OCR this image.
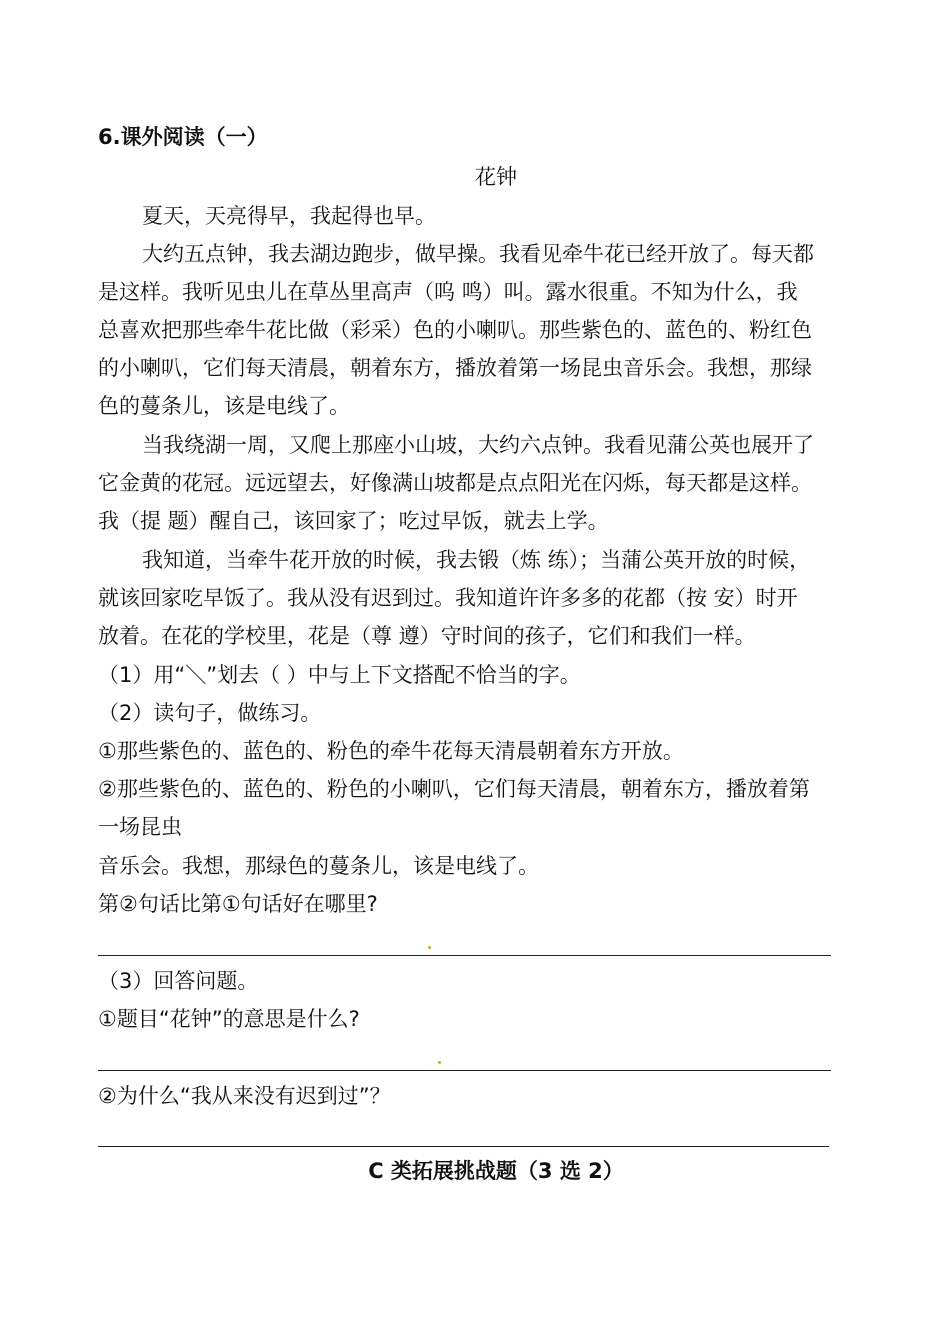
6.课外阅读（一）
花钟
夏天，天亮得早，我起得也早。
大约五点钟，我去湖边跑步，做早操。我看见牵牛花已经开放了。每天都
是这样。我听见虫儿在草丛里高声（呜 鸣）叫。露水很重。不知为什么，我
总喜欢把那些牵牛花比做（彩采）色的小喇叭。那些紫色的、蓝色的、粉红色
的小喇叭，它们每天清晨，朝着东方，播放着第一场昆虫音乐会。我想，那绿
色的蔓条儿，该是电线了。
当我绕湖一周，又爬上那座小山坡，大约六点钟。我看见蒲公英也展开了
它金黄的花冠。远远望去，好像满山坡都是点点阳光在闪烁，每天都是这样。
我（提 题）醒自己，该回家了；吃过早饭，就去上学。
我知道，当牵牛花开放的时候，我去锻（炼 练）；当蒲公英开放的时候，
就该回家吃早饭了。我从没有迟到过。我知道许许多多的花都（按 安）时开
放着。在花的学校里，花是（尊 遵）守时间的孩子，它们和我们一样。
（1）用“＼”划去（ ）中与上下文搭配不恰当的字。
（2）读句子，做练习。
①那些紫色的、蓝色的、粉色的牵牛花每天清晨朝着东方开放。
②那些紫色的、蓝色的、粉色的小喇叭，它们每天清晨，朝着东方，播放着第
一场昆虫
音乐会。我想，那绿色的蔓条儿，该是电线了。
第②句话比第①句话好在哪里?
（3）回答问题。
①题目“花钟”的意思是什么?
②为什么“我从来没有迟到过”？
C 类拓展挑战题（3 选 2）
